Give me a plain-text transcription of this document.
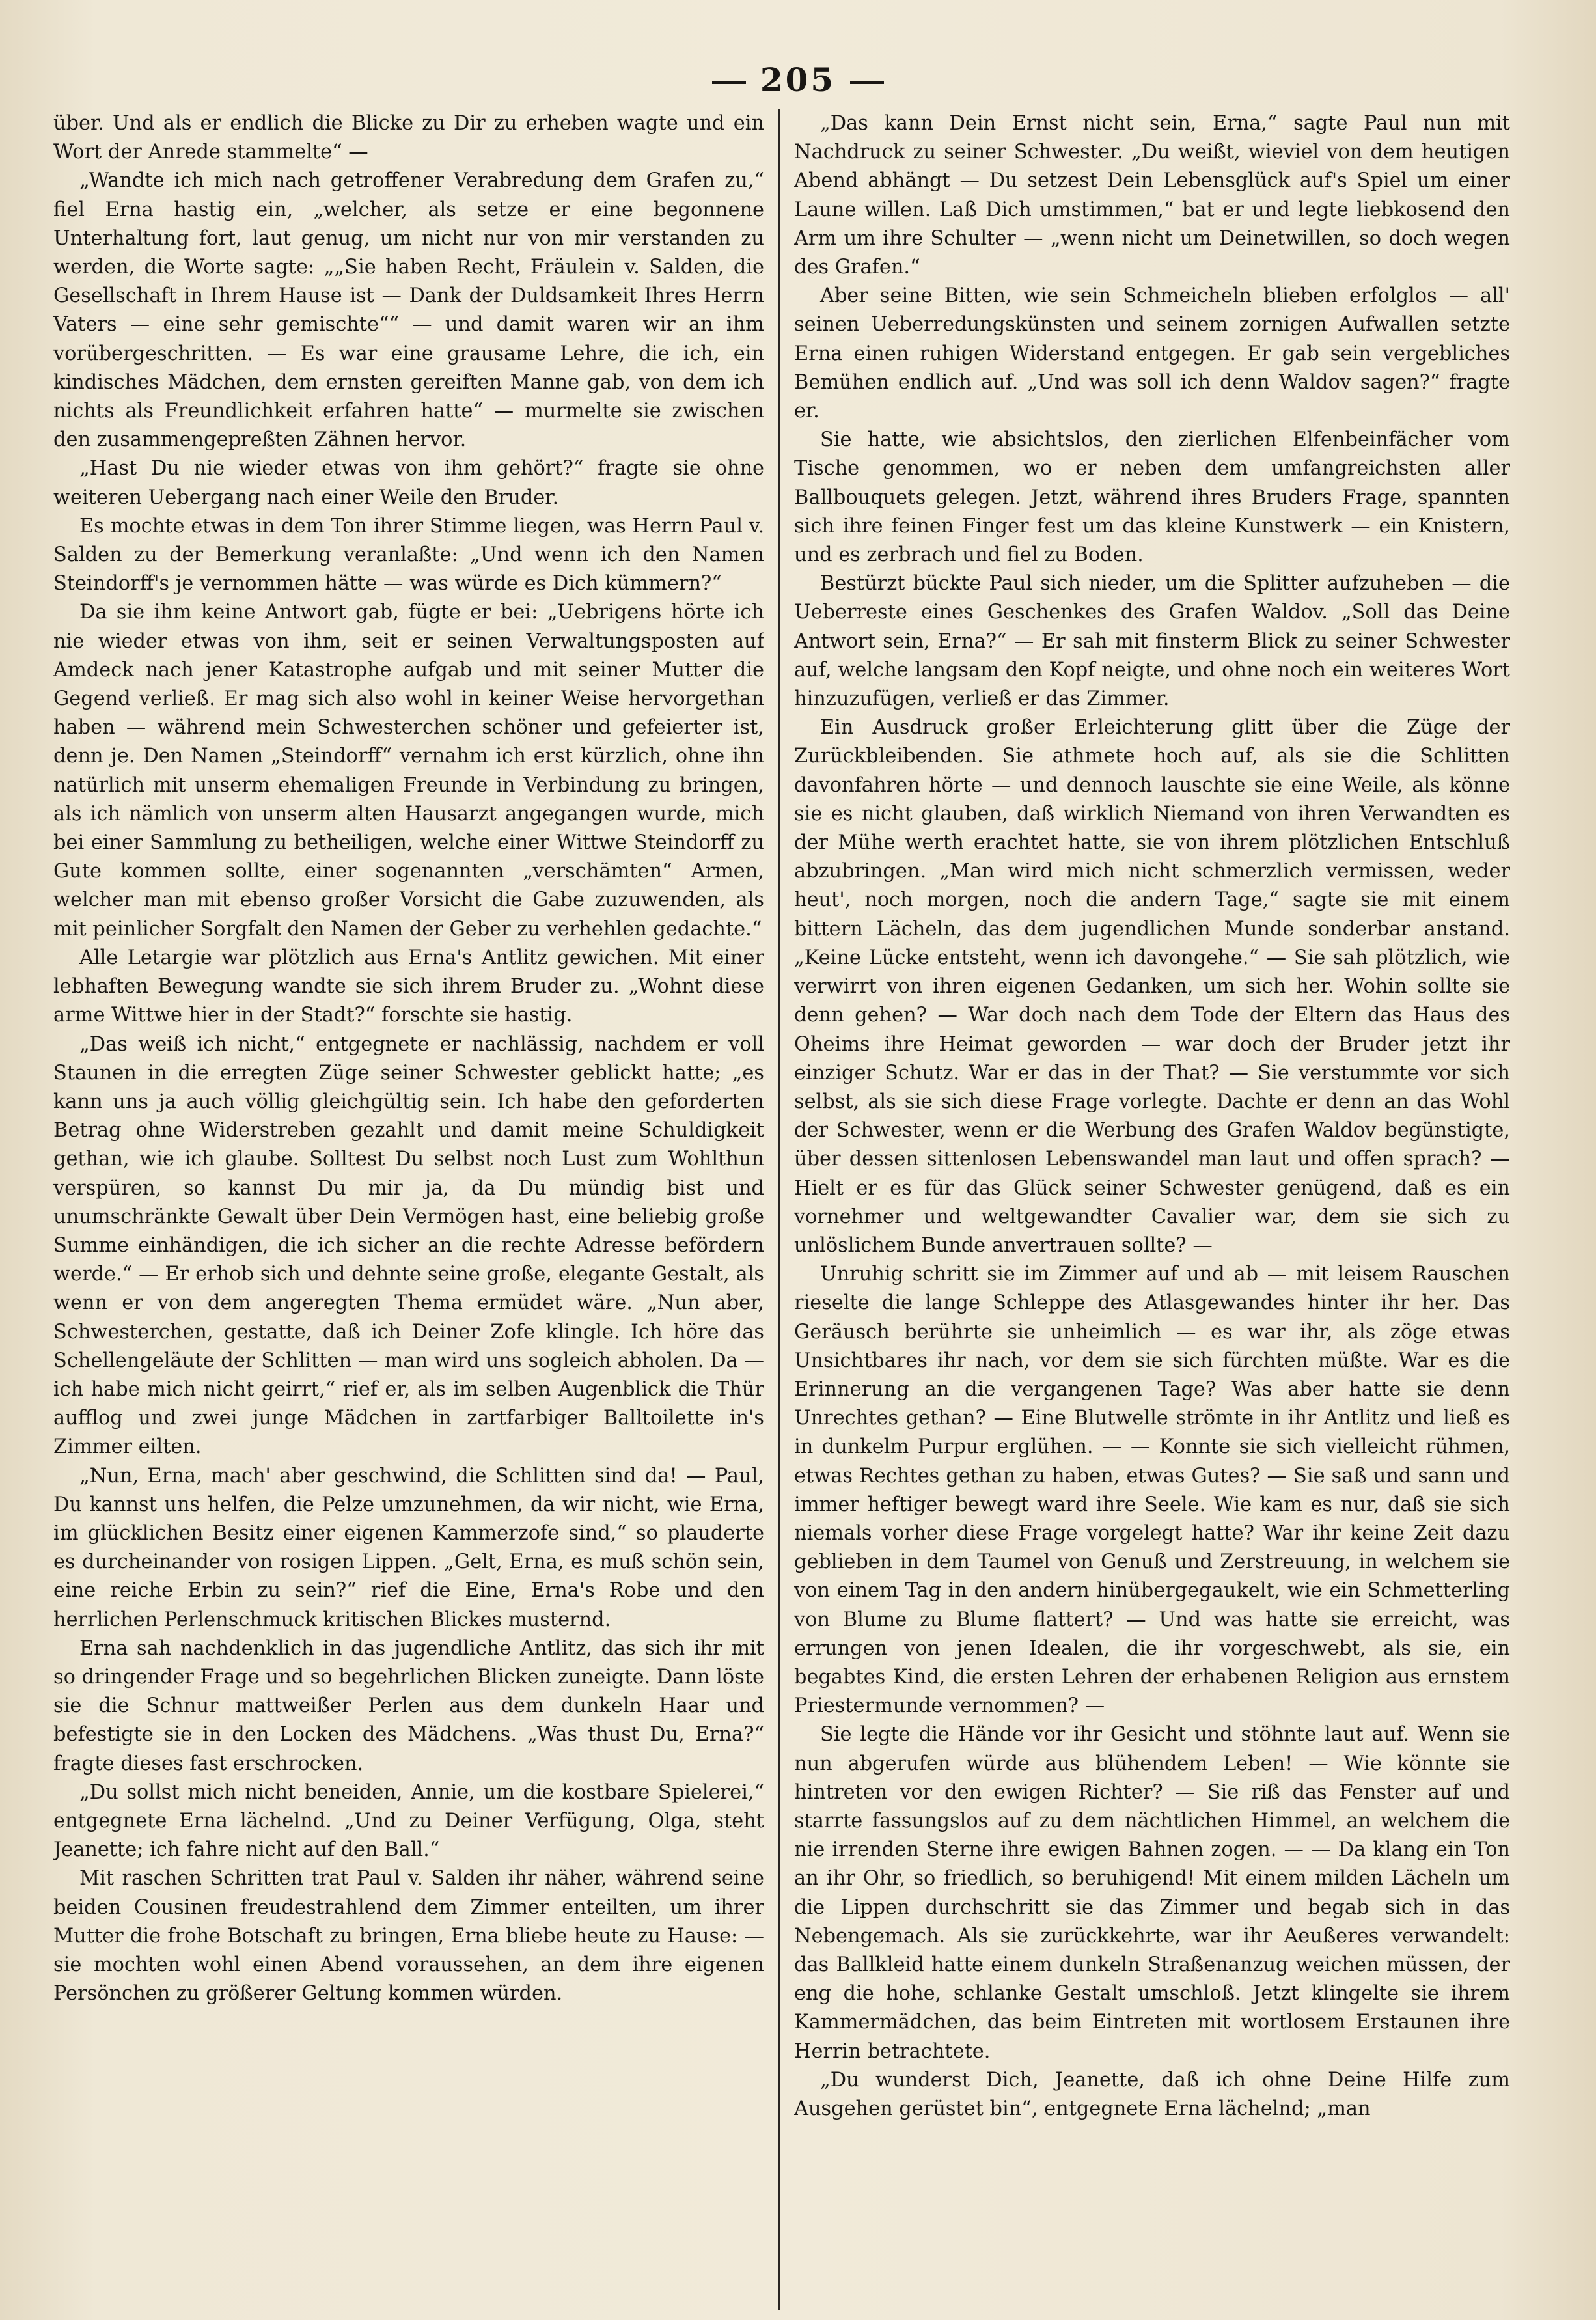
205

über. Und als er endlich die Blicke zu Dir zu erheben wagte und ein Wort der Anrede stammelte“ —

„Wandte ich mich nach getroffener Verabredung dem Grafen zu,“ fiel Erna hastig ein, „welcher, als setze er eine begonnene Unterhaltung fort, laut genug, um nicht nur von mir verstanden zu werden, die Worte sagte: „„Sie haben Recht, Fräulein v. Salden, die Gesellschaft in Ihrem Hause ist — Dank der Duldsamkeit Ihres Herrn Vaters — eine sehr gemischte““ — und damit waren wir an ihm vorübergeschritten. — Es war eine grausame Lehre, die ich, ein kindisches Mädchen, dem ernsten gereiften Manne gab, von dem ich nichts als Freundlichkeit erfahren hatte“ — murmelte sie zwischen den zusammengepreßten Zähnen hervor.

„Hast Du nie wieder etwas von ihm gehört?“ fragte sie ohne weiteren Uebergang nach einer Weile den Bruder.

Es mochte etwas in dem Ton ihrer Stimme liegen, was Herrn Paul v. Salden zu der Bemerkung veranlaßte: „Und wenn ich den Namen Steindorff's je vernommen hätte — was würde es Dich kümmern?“

Da sie ihm keine Antwort gab, fügte er bei: „Uebrigens hörte ich nie wieder etwas von ihm, seit er seinen Verwaltungsposten auf Amdeck nach jener Katastrophe aufgab und mit seiner Mutter die Gegend verließ. Er mag sich also wohl in keiner Weise hervorgethan haben — während mein Schwesterchen schöner und gefeierter ist, denn je. Den Namen „Steindorff“ vernahm ich erst kürzlich, ohne ihn natürlich mit unserm ehemaligen Freunde in Verbindung zu bringen, als ich nämlich von unserm alten Hausarzt angegangen wurde, mich bei einer Sammlung zu betheiligen, welche einer Wittwe Steindorff zu Gute kommen sollte, einer sogenannten „verschämten“ Armen, welcher man mit ebenso großer Vorsicht die Gabe zuzuwenden, als mit peinlicher Sorgfalt den Namen der Geber zu verhehlen gedachte.“

Alle Letargie war plötzlich aus Erna's Antlitz gewichen. Mit einer lebhaften Bewegung wandte sie sich ihrem Bruder zu. „Wohnt diese arme Wittwe hier in der Stadt?“ forschte sie hastig.

„Das weiß ich nicht,“ entgegnete er nachlässig, nachdem er voll Staunen in die erregten Züge seiner Schwester geblickt hatte; „es kann uns ja auch völlig gleichgültig sein. Ich habe den geforderten Betrag ohne Widerstreben gezahlt und damit meine Schuldigkeit gethan, wie ich glaube. Solltest Du selbst noch Lust zum Wohlthun verspüren, so kannst Du mir ja, da Du mündig bist und unumschränkte Gewalt über Dein Vermögen hast, eine beliebig große Summe einhändigen, die ich sicher an die rechte Adresse befördern werde.“ — Er erhob sich und dehnte seine große, elegante Gestalt, als wenn er von dem angeregten Thema ermüdet wäre. „Nun aber, Schwesterchen, gestatte, daß ich Deiner Zofe klingle. Ich höre das Schellengeläute der Schlitten — man wird uns sogleich abholen. Da — ich habe mich nicht geirrt,“ rief er, als im selben Augenblick die Thür aufflog und zwei junge Mädchen in zartfarbiger Balltoilette in's Zimmer eilten.

„Nun, Erna, mach' aber geschwind, die Schlitten sind da! — Paul, Du kannst uns helfen, die Pelze umzunehmen, da wir nicht, wie Erna, im glücklichen Besitz einer eigenen Kammerzofe sind,“ so plauderte es durcheinander von rosigen Lippen. „Gelt, Erna, es muß schön sein, eine reiche Erbin zu sein?“ rief die Eine, Erna's Robe und den herrlichen Perlenschmuck kritischen Blickes musternd.

Erna sah nachdenklich in das jugendliche Antlitz, das sich ihr mit so dringender Frage und so begehrlichen Blicken zuneigte. Dann löste sie die Schnur mattweißer Perlen aus dem dunkeln Haar und befestigte sie in den Locken des Mädchens. „Was thust Du, Erna?“ fragte dieses fast erschrocken.

„Du sollst mich nicht beneiden, Annie, um die kostbare Spielerei,“ entgegnete Erna lächelnd. „Und zu Deiner Verfügung, Olga, steht Jeanette; ich fahre nicht auf den Ball.“

Mit raschen Schritten trat Paul v. Salden ihr näher, während seine beiden Cousinen freudestrahlend dem Zimmer enteilten, um ihrer Mutter die frohe Botschaft zu bringen, Erna bliebe heute zu Hause: — sie mochten wohl einen Abend voraussehen, an dem ihre eigenen Persönchen zu größerer Geltung kommen würden.

„Das kann Dein Ernst nicht sein, Erna,“ sagte Paul nun mit Nachdruck zu seiner Schwester. „Du weißt, wieviel von dem heutigen Abend abhängt — Du setzest Dein Lebensglück auf's Spiel um einer Laune willen. Laß Dich umstimmen,“ bat er und legte liebkosend den Arm um ihre Schulter — „wenn nicht um Deinetwillen, so doch wegen des Grafen.“

Aber seine Bitten, wie sein Schmeicheln blieben erfolglos — all' seinen Ueberredungskünsten und seinem zornigen Aufwallen setzte Erna einen ruhigen Widerstand entgegen. Er gab sein vergebliches Bemühen endlich auf. „Und was soll ich denn Waldov sagen?“ fragte er.

Sie hatte, wie absichtslos, den zierlichen Elfenbeinfächer vom Tische genommen, wo er neben dem umfangreichsten aller Ballbouquets gelegen. Jetzt, während ihres Bruders Frage, spannten sich ihre feinen Finger fest um das kleine Kunstwerk — ein Knistern, und es zerbrach und fiel zu Boden.

Bestürzt bückte Paul sich nieder, um die Splitter aufzuheben — die Ueberreste eines Geschenkes des Grafen Waldov. „Soll das Deine Antwort sein, Erna?“ — Er sah mit finsterm Blick zu seiner Schwester auf, welche langsam den Kopf neigte, und ohne noch ein weiteres Wort hinzuzufügen, verließ er das Zimmer.

Ein Ausdruck großer Erleichterung glitt über die Züge der Zurückbleibenden. Sie athmete hoch auf, als sie die Schlitten davonfahren hörte — und dennoch lauschte sie eine Weile, als könne sie es nicht glauben, daß wirklich Niemand von ihren Verwandten es der Mühe werth erachtet hatte, sie von ihrem plötzlichen Entschluß abzubringen. „Man wird mich nicht schmerzlich vermissen, weder heut', noch morgen, noch die andern Tage,“ sagte sie mit einem bittern Lächeln, das dem jugendlichen Munde sonderbar anstand. „Keine Lücke entsteht, wenn ich davongehe.“ — Sie sah plötzlich, wie verwirrt von ihren eigenen Gedanken, um sich her. Wohin sollte sie denn gehen? — War doch nach dem Tode der Eltern das Haus des Oheims ihre Heimat geworden — war doch der Bruder jetzt ihr einziger Schutz. War er das in der That? — Sie verstummte vor sich selbst, als sie sich diese Frage vorlegte. Dachte er denn an das Wohl der Schwester, wenn er die Werbung des Grafen Waldov begünstigte, über dessen sittenlosen Lebenswandel man laut und offen sprach? — Hielt er es für das Glück seiner Schwester genügend, daß es ein vornehmer und weltgewandter Cavalier war, dem sie sich zu unlöslichem Bunde anvertrauen sollte? —

Unruhig schritt sie im Zimmer auf und ab — mit leisem Rauschen rieselte die lange Schleppe des Atlasgewandes hinter ihr her. Das Geräusch berührte sie unheimlich — es war ihr, als zöge etwas Unsichtbares ihr nach, vor dem sie sich fürchten müßte. War es die Erinnerung an die vergangenen Tage? Was aber hatte sie denn Unrechtes gethan? — Eine Blutwelle strömte in ihr Antlitz und ließ es in dunkelm Purpur erglühen. — — Konnte sie sich vielleicht rühmen, etwas Rechtes gethan zu haben, etwas Gutes? — Sie saß und sann und immer heftiger bewegt ward ihre Seele. Wie kam es nur, daß sie sich niemals vorher diese Frage vorgelegt hatte? War ihr keine Zeit dazu geblieben in dem Taumel von Genuß und Zerstreuung, in welchem sie von einem Tag in den andern hinübergegaukelt, wie ein Schmetterling von Blume zu Blume flattert? — Und was hatte sie erreicht, was errungen von jenen Idealen, die ihr vorgeschwebt, als sie, ein begabtes Kind, die ersten Lehren der erhabenen Religion aus ernstem Priestermunde vernommen? —

Sie legte die Hände vor ihr Gesicht und stöhnte laut auf. Wenn sie nun abgerufen würde aus blühendem Leben! — Wie könnte sie hintreten vor den ewigen Richter? — Sie riß das Fenster auf und starrte fassungslos auf zu dem nächtlichen Himmel, an welchem die nie irrenden Sterne ihre ewigen Bahnen zogen. — — Da klang ein Ton an ihr Ohr, so friedlich, so beruhigend! Mit einem milden Lächeln um die Lippen durchschritt sie das Zimmer und begab sich in das Nebengemach. Als sie zurückkehrte, war ihr Aeußeres verwandelt: das Ballkleid hatte einem dunkeln Straßenanzug weichen müssen, der eng die hohe, schlanke Gestalt umschloß. Jetzt klingelte sie ihrem Kammermädchen, das beim Eintreten mit wortlosem Erstaunen ihre Herrin betrachtete.

„Du wunderst Dich, Jeanette, daß ich ohne Deine Hilfe zum Ausgehen gerüstet bin“, entgegnete Erna lächelnd; „man
